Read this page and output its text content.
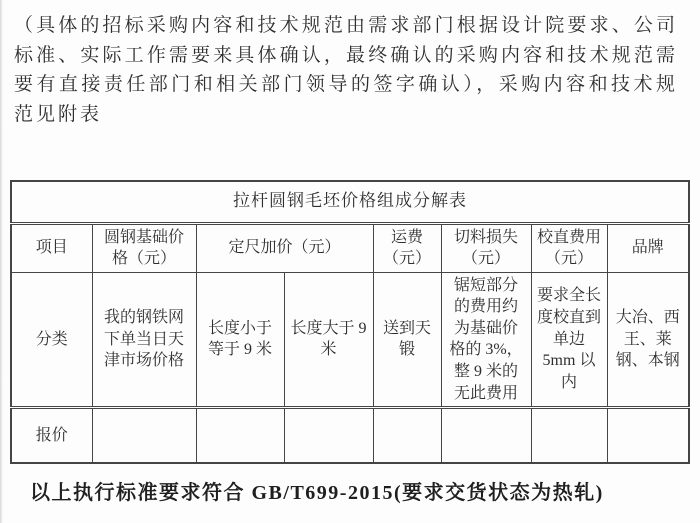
（具体的招标采购内容和技术规范由需求部门根据设计院要求、公司标准、实际工作需要来具体确认，最终确认的采购内容和技术规范需要有直接责任部门和相关部门领导的签字确认），采购内容和技术规范见附表
拉杆圆钢毛坯价格组成分解表							
项目	圆钢基础价格（元）	定尺加价（元）		运费（元）	切料损失（元）	校直费用（元）	品牌
分类	我的钢铁网下单当日天津市场价格	长度小于等于 9 米	长度大于 9 米	送到天锻	锯短部分的费用约为基础价格的 3%，整 9 米的无此费用	要求全长度校直到单边 5mm 以内	大冶、西王、莱钢、本钢
报价							
以上执行标准要求符合 GB/T699-2015(要求交货状态为热轧)
